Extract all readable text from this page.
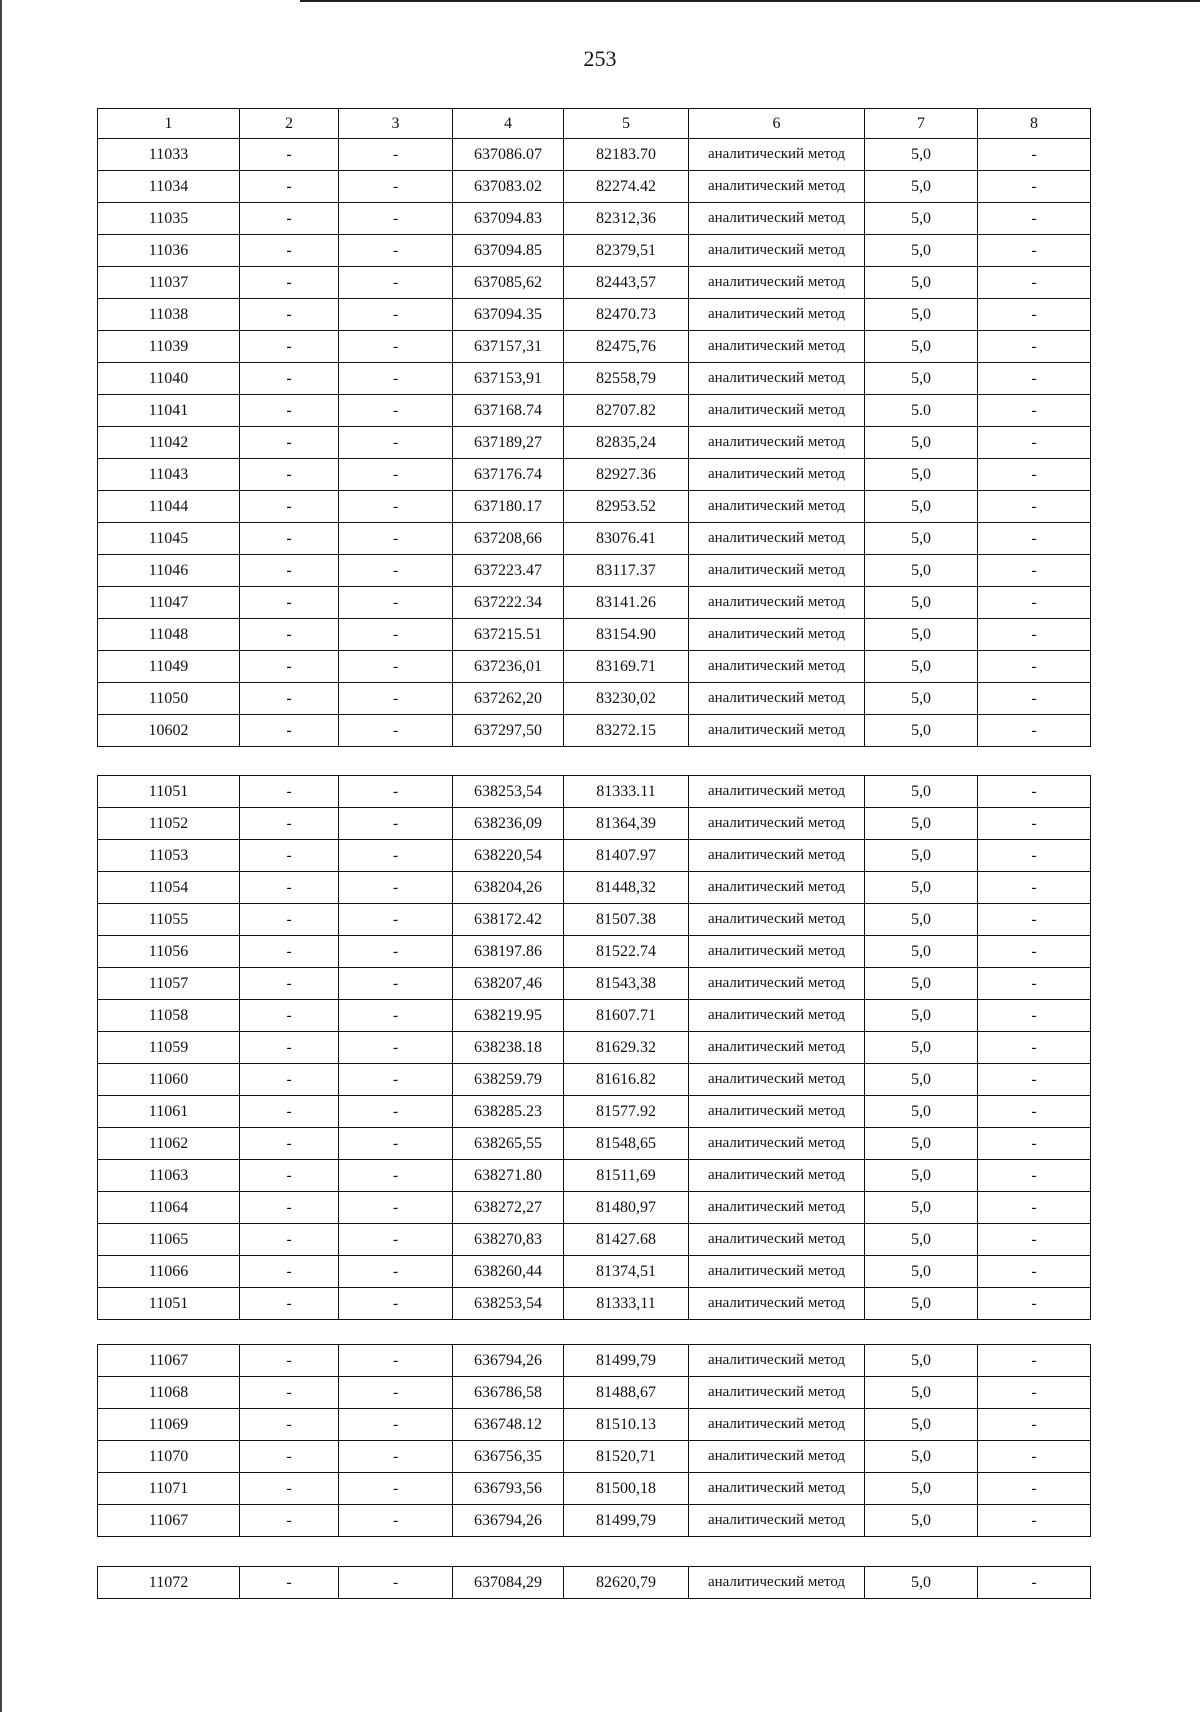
253
1	2	3	4	5	6	7	8
11033	-	-	637086.07	82183.70	аналитический метод	5,0	-
11034	-	-	637083.02	82274.42	аналитический метод	5,0	-
11035	-	-	637094.83	82312,36	аналитический метод	5,0	-
11036	-	-	637094.85	82379,51	аналитический метод	5,0	-
11037	-	-	637085,62	82443,57	аналитический метод	5,0	-
11038	-	-	637094.35	82470.73	аналитический метод	5,0	-
11039	-	-	637157,31	82475,76	аналитический метод	5,0	-
11040	-	-	637153,91	82558,79	аналитический метод	5,0	-
11041	-	-	637168.74	82707.82	аналитический метод	5.0	-
11042	-	-	637189,27	82835,24	аналитический метод	5,0	-
11043	-	-	637176.74	82927.36	аналитический метод	5,0	-
11044	-	-	637180.17	82953.52	аналитический метод	5,0	-
11045	-	-	637208,66	83076.41	аналитический метод	5,0	-
11046	-	-	637223.47	83117.37	аналитический метод	5,0	-
11047	-	-	637222.34	83141.26	аналитический метод	5,0	-
11048	-	-	637215.51	83154.90	аналитический метод	5,0	-
11049	-	-	637236,01	83169.71	аналитический метод	5,0	-
11050	-	-	637262,20	83230,02	аналитический метод	5,0	-
10602	-	-	637297,50	83272.15	аналитический метод	5,0	-
11051	-	-	638253,54	81333.11	аналитический метод	5,0	-
11052	-	-	638236,09	81364,39	аналитический метод	5,0	-
11053	-	-	638220,54	81407.97	аналитический метод	5,0	-
11054	-	-	638204,26	81448,32	аналитический метод	5,0	-
11055	-	-	638172.42	81507.38	аналитический метод	5,0	-
11056	-	-	638197.86	81522.74	аналитический метод	5,0	-
11057	-	-	638207,46	81543,38	аналитический метод	5,0	-
11058	-	-	638219.95	81607.71	аналитический метод	5,0	-
11059	-	-	638238.18	81629.32	аналитический метод	5,0	-
11060	-	-	638259.79	81616.82	аналитический метод	5,0	-
11061	-	-	638285.23	81577.92	аналитический метод	5,0	-
11062	-	-	638265,55	81548,65	аналитический метод	5,0	-
11063	-	-	638271.80	81511,69	аналитический метод	5,0	-
11064	-	-	638272,27	81480,97	аналитический метод	5,0	-
11065	-	-	638270,83	81427.68	аналитический метод	5,0	-
11066	-	-	638260,44	81374,51	аналитический метод	5,0	-
11051	-	-	638253,54	81333,11	аналитический метод	5,0	-
11067	-	-	636794,26	81499,79	аналитический метод	5,0	-
11068	-	-	636786,58	81488,67	аналитический метод	5,0	-
11069	-	-	636748.12	81510.13	аналитический метод	5,0	-
11070	-	-	636756,35	81520,71	аналитический метод	5,0	-
11071	-	-	636793,56	81500,18	аналитический метод	5,0	-
11067	-	-	636794,26	81499,79	аналитический метод	5,0	-
11072	-	-	637084,29	82620,79	аналитический метод	5,0	-
